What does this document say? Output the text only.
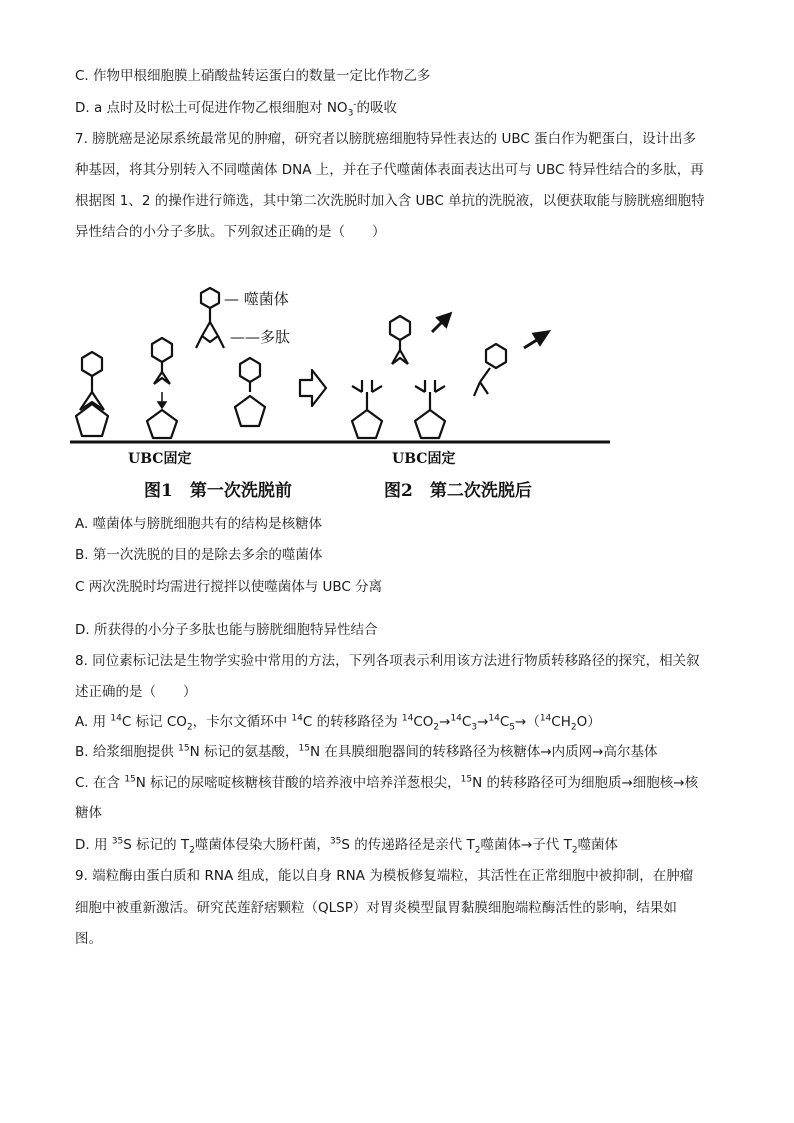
C. 作物甲根细胞膜上硝酸盐转运蛋白的数量一定比作物乙多
D. a 点时及时松土可促进作物乙根细胞对 $NO_3^-$的吸收
7. 膀胱癌是泌尿系统最常见的肿瘤，研究者以膀胱癌细胞特异性表达的 UBC 蛋白作为靶蛋白，设计出多
种基因，将其分别转入不同噬菌体 DNA 上，并在子代噬菌体表面表达出可与 UBC 特异性结合的多肽，再
根据图 1、2 的操作进行筛选，其中第二次洗脱时加入含 UBC 单抗的洗脱液，以便获取能与膀胱癌细胞特
异性结合的小分子多肽。下列叙述正确的是（　　）
— 噬菌体
——多肽
UBC固定	UBC固定
图1　第一次洗脱前	图2　第二次洗脱后
A. 噬菌体与膀胱细胞共有的结构是核糖体
B. 第一次洗脱的目的是除去多余的噬菌体
C 两次洗脱时均需进行搅拌以使噬菌体与 UBC 分离
D. 所获得的小分子多肽也能与膀胱细胞特异性结合
8. 同位素标记法是生物学实验中常用的方法，下列各项表示利用该方法进行物质转移路径的探究，相关叙
述正确的是（　　）
A. 用 $^{14}$C 标记 $CO_2$，卡尔文循环中 $^{14}$C 的转移路径为 $^{14}CO_2\to^{14}C_3\to^{14}C_5\to(^{14}CH_2O)$
B. 给浆细胞提供 $^{15}$N 标记的氨基酸，$^{15}$N 在具膜细胞器间的转移路径为核糖体→内质网→高尔基体
C. 在含 $^{15}$N 标记的尿嘧啶核糖核苷酸的培养液中培养洋葱根尖，$^{15}$N 的转移路径可为细胞质→细胞核→核
糖体
D. 用 $^{35}$S 标记的 $T_2$噬菌体侵染大肠杆菌，$^{35}$S 的传递路径是亲代 $T_2$噬菌体→子代 $T_2$噬菌体
9. 端粒酶由蛋白质和 RNA 组成，能以自身 RNA 为模板修复端粒，其活性在正常细胞中被抑制，在肿瘤
细胞中被重新激活。研究芪莲舒痞颗粒（QLSP）对胃炎模型鼠胃黏膜细胞端粒酶活性的影响，结果如
图。
